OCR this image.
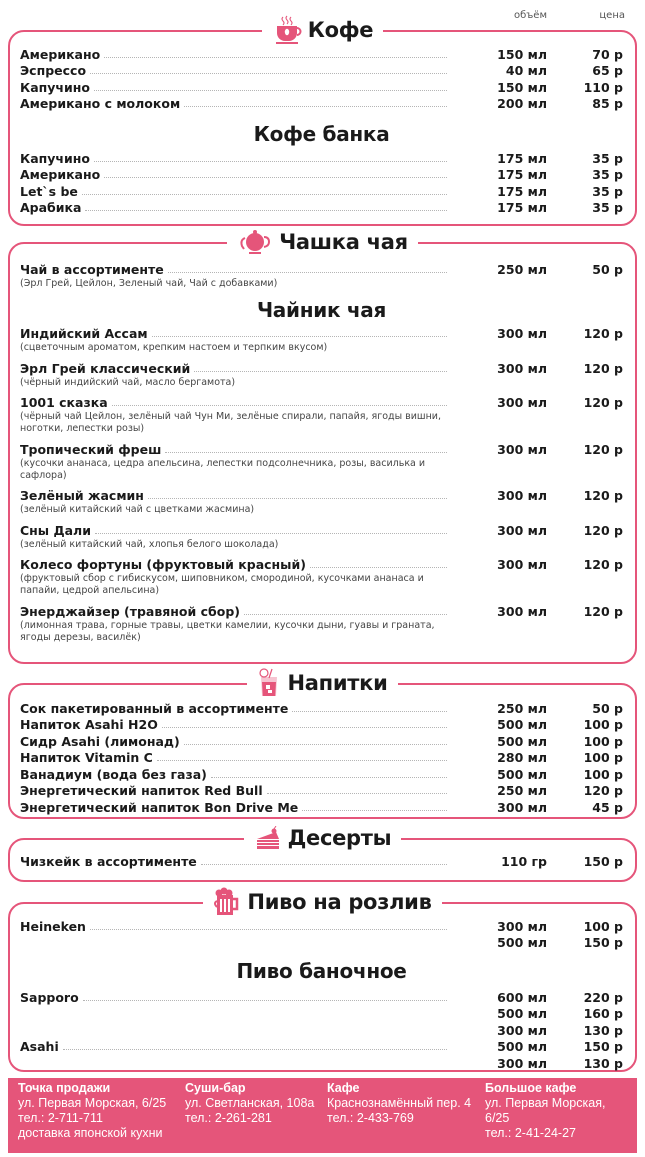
объём	цена
Кофе
Американо	150 мл	70 р
Эспрессо	40 мл	65 р
Капучино	150 мл	110 р
Американо с молоком	200 мл	85 р
Кофе банка
Капучино	175 мл	35 р
Американо	175 мл	35 р
Let`s be	175 мл	35 р
Арабика	175 мл	35 р
Чашка чая
Чай в ассортименте	250 мл	50 р
(Эрл Грей, Цейлон, Зеленый чай, Чай с добавками)
Чайник чая
Индийский Ассам	300 мл	120 р
(сцветочным ароматом, крепким настоем и терпким вкусом)
Эрл Грей классический	300 мл	120 р
(чёрный индийский чай, масло бергамота)
1001 сказка	300 мл	120 р
(чёрный чай Цейлон, зелёный чай Чун Ми, зелёные спирали, папайя, ягоды вишни, ноготки, лепестки розы)
Тропический фреш	300 мл	120 р
(кусочки ананаса, цедра апельсина, лепестки подсолнечника, розы, василька и сафлора)
Зелёный жасмин	300 мл	120 р
(зелёный китайский чай с цветками жасмина)
Сны Дали	300 мл	120 р
(зелёный китайский чай, хлопья белого шоколада)
Колесо фортуны (фруктовый красный)	300 мл	120 р
(фруктовый сбор с гибискусом, шиповником, смородиной, кусочками ананаса и папайи, цедрой апельсина)
Энерджайзер (травяной сбор)	300 мл	120 р
(лимонная трава, горные травы, цветки камелии, кусочки дыни, гуавы и граната, ягоды дерезы, василёк)
Напитки
Сок пакетированный в ассортименте	250 мл	50 р
Напиток Asahi H2O	500 мл	100 р
Сидр Asahi (лимонад)	500 мл	100 р
Напиток Vitamin C	280 мл	100 р
Ванадиум (вода без газа)	500 мл	100 р
Энергетический напиток Red Bull	250 мл	120 р
Энергетический напиток Bon Drive Me	300 мл	45 р
Десерты
Чизкейк в ассортименте	110 гр	150 р
Пиво на розлив
Heineken	300 мл	100 р
500 мл	150 р
Пиво баночное
Sapporo	600 мл	220 р
500 мл	160 р
300 мл	130 р
Asahi	500 мл	150 р
300 мл	130 р
Точка продажи
ул. Первая Морская, 6/25
тел.: 2-711-711
доставка японской кухни
Суши-бар
ул. Светланская, 108а
тел.: 2-261-281
Кафе
Краснознамённый пер. 4
тел.: 2-433-769
Большое кафе
ул. Первая Морская, 6/25
тел.: 2-41-24-27
